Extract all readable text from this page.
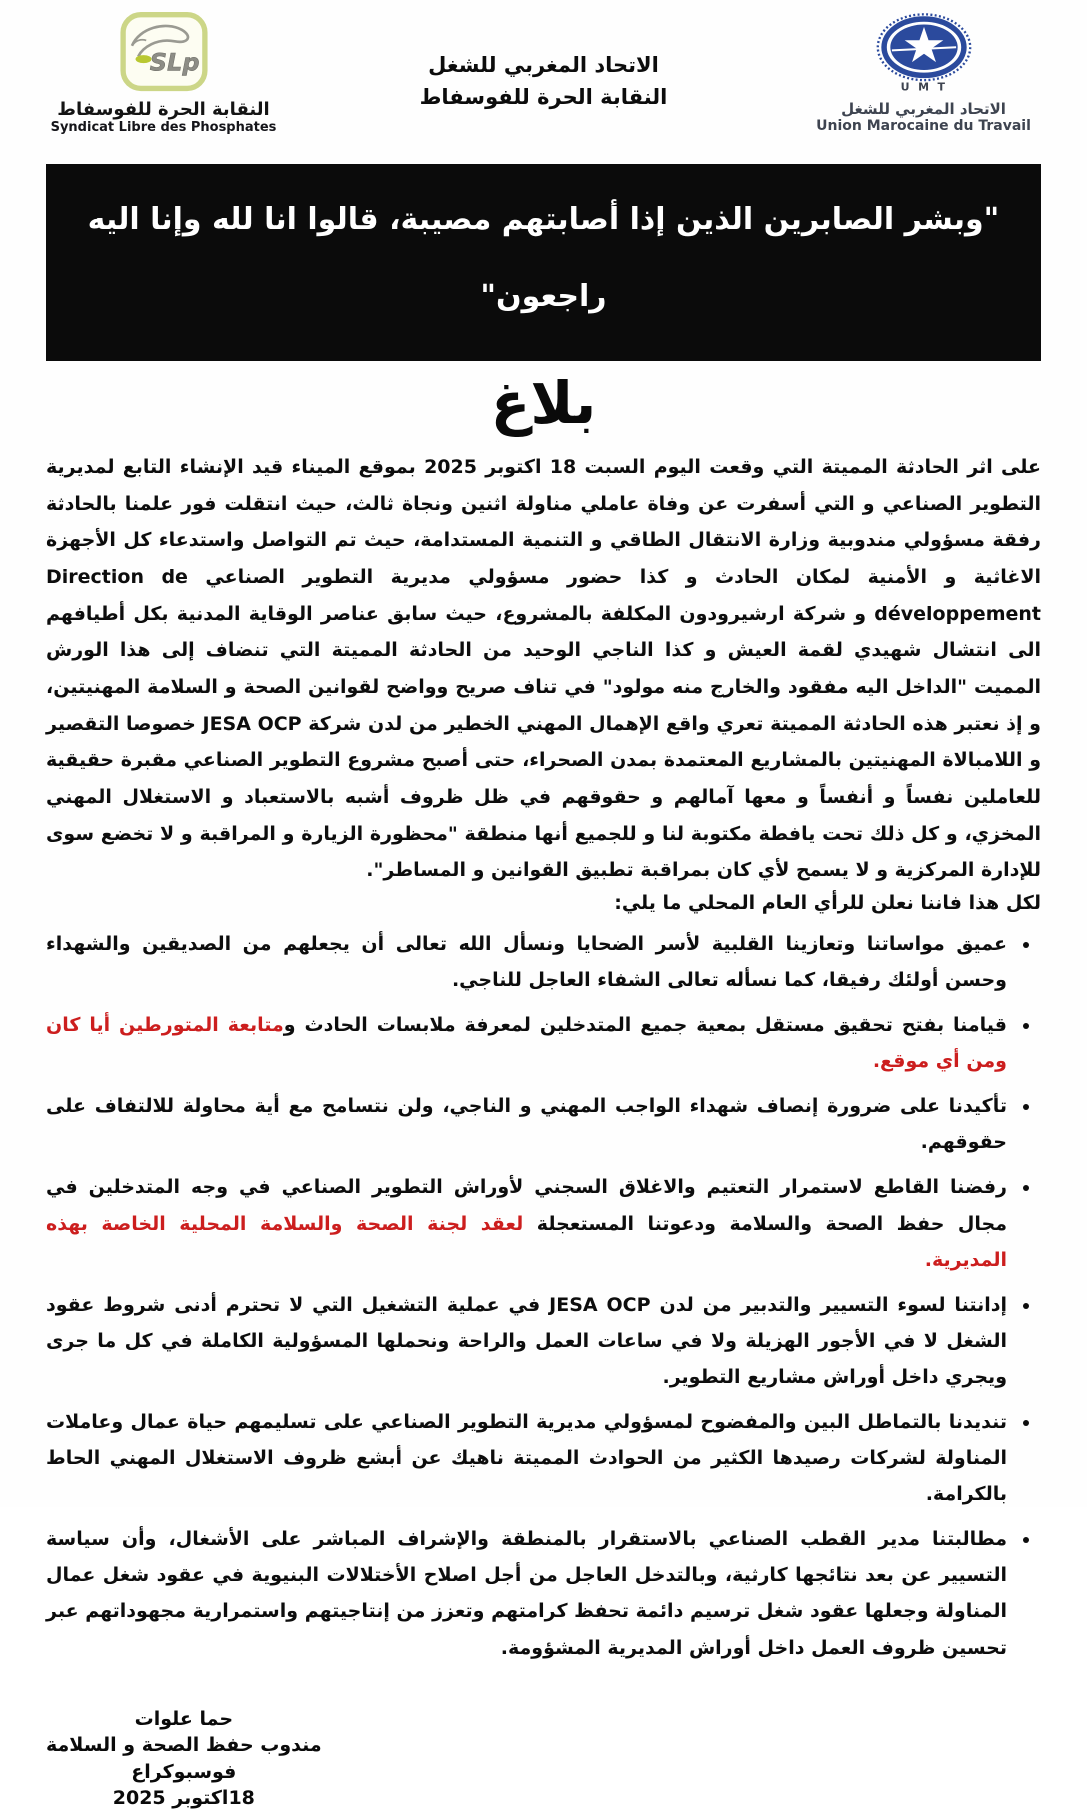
SLp
النقابة الحرة للفوسفاط
Syndicat Libre des Phosphates
الاتحاد المغربي للشغل
النقابة الحرة للفوسفاط	U M T
الاتحاد المغربي للشغل
Union Marocaine du Travail
"وبشر الصابرين الذين إذا أصابتهم مصيبة، قالوا انا لله وإنا اليه راجعون"
بلاغ

على اثر الحادثة المميتة التي وقعت اليوم السبت 18 اكتوبر 2025 بموقع الميناء قيد الإنشاء التابع لمديرية التطوير الصناعي و التي أسفرت عن وفاة عاملي مناولة اثنين ونجاة ثالث، حيث انتقلت فور علمنا بالحادثة رفقة مسؤولي مندوبية وزارة الانتقال الطاقي و التنمية المستدامة، حيث تم التواصل واستدعاء كل الأجهزة الاغاثية و الأمنية لمكان الحادث و كذا حضور مسؤولي مديرية التطوير الصناعي Direction de développement و شركة ارشيرودون المكلفة بالمشروع، حيث سابق عناصر الوقاية المدنية بكل أطيافهم الى انتشال شهيدي لقمة العيش و كذا الناجي الوحيد من الحادثة المميتة التي تنضاف إلى هذا الورش المميت "الداخل اليه مفقود والخارج منه مولود" في تناف صريح وواضح لقوانين الصحة و السلامة المهنيتين، و إذ نعتبر هذه الحادثة المميتة تعري واقع الإهمال المهني الخطير من لدن شركة JESA OCP خصوصا التقصير و اللامبالاة المهنيتين بالمشاريع المعتمدة بمدن الصحراء، حتى أصبح مشروع التطوير الصناعي مقبرة حقيقية للعاملين نفساً و أنفساً و معها آمالهم و حقوقهم في ظل ظروف أشبه بالاستعباد و الاستغلال المهني المخزي، و كل ذلك تحت يافطة مكتوبة لنا و للجميع أنها منطقة "محظورة الزيارة و المراقبة و لا تخضع سوى للإدارة المركزية و لا يسمح لأي كان بمراقبة تطبيق القوانين و المساطر".

لكل هذا فاننا نعلن للرأي العام المحلي ما يلي:

• عميق مواساتنا وتعازينا القلبية لأسر الضحايا ونسأل الله تعالى أن يجعلهم من الصديقين والشهداء وحسن أولئك رفيقا، كما نسأله تعالى الشفاء العاجل للناجي.
• قيامنا بفتح تحقيق مستقل بمعية جميع المتدخلين لمعرفة ملابسات الحادث ومتابعة المتورطين أيا كان ومن أي موقع.
• تأكيدنا على ضرورة إنصاف شهداء الواجب المهني و الناجي، ولن نتسامح مع أية محاولة للالتفاف على حقوقهم.
• رفضنا القاطع لاستمرار التعتيم والاغلاق السجني لأوراش التطوير الصناعي في وجه المتدخلين في مجال حفظ الصحة والسلامة ودعوتنا المستعجلة لعقد لجنة الصحة والسلامة المحلية الخاصة بهذه المديرية.
• إدانتنا لسوء التسيير والتدبير من لدن JESA OCP في عملية التشغيل التي لا تحترم أدنى شروط عقود الشغل لا في الأجور الهزيلة ولا في ساعات العمل والراحة ونحملها المسؤولية الكاملة في كل ما جرى ويجري داخل أوراش مشاريع التطوير.
• تنديدنا بالتماطل البين والمفضوح لمسؤولي مديرية التطوير الصناعي على تسليمهم حياة عمال وعاملات المناولة لشركات رصيدها الكثير من الحوادث المميتة ناهيك عن أبشع ظروف الاستغلال المهني الحاط بالكرامة.
• مطالبتنا مدير القطب الصناعي بالاستقرار بالمنطقة والإشراف المباشر على الأشغال، وأن سياسة التسيير عن بعد نتائجها كارثية، وبالتدخل العاجل من أجل اصلاح الأختلالات البنيوية في عقود شغل عمال المناولة وجعلها عقود شغل ترسيم دائمة تحفظ كرامتهم وتعزز من إنتاجيتهم واستمرارية مجهوداتهم عبر تحسين ظروف العمل داخل أوراش المديرية المشؤومة.
حما علوات
مندوب حفظ الصحة و السلامة
فوسبوكراع
18اكتوبر 2025
